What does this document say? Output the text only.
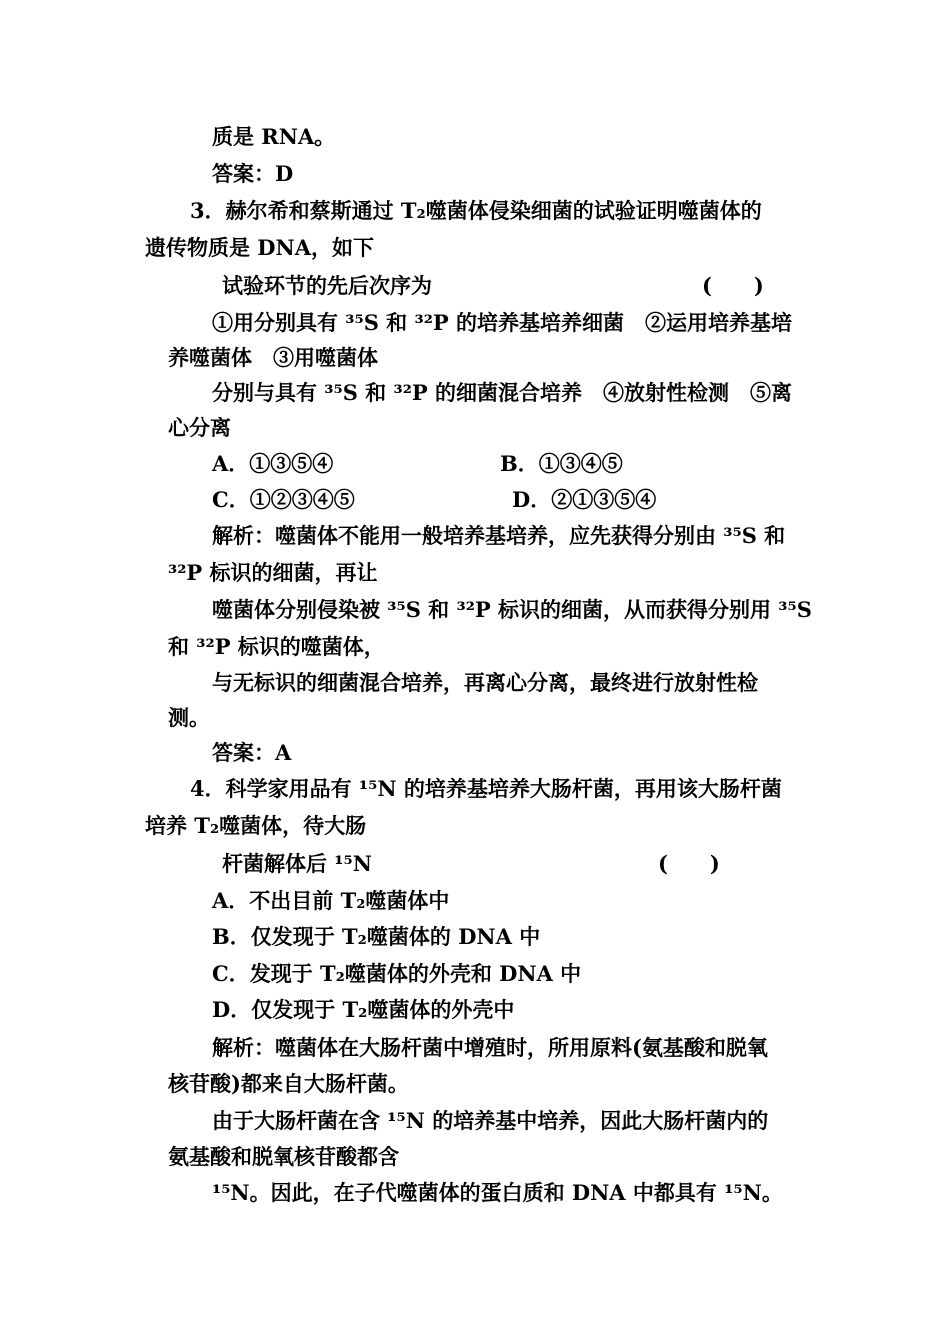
质是 RNA。
答案：D
3．赫尔希和蔡斯通过 T₂噬菌体侵染细菌的试验证明噬菌体的
遗传物质是 DNA，如下
试验环节的先后次序为	(　　)
①用分别具有 ³⁵S 和 ³²P 的培养基培养细菌　②运用培养基培
养噬菌体　③用噬菌体
分别与具有 ³⁵S 和 ³²P 的细菌混合培养　④放射性检测　⑤离
心分离
A．①③⑤④	B．①③④⑤
C．①②③④⑤	D．②①③⑤④
解析：噬菌体不能用一般培养基培养，应先获得分别由 ³⁵S 和
³²P 标识的细菌，再让
噬菌体分别侵染被 ³⁵S 和 ³²P 标识的细菌，从而获得分别用 ³⁵S
和 ³²P 标识的噬菌体，
与无标识的细菌混合培养，再离心分离，最终进行放射性检
测。
答案：A
4．科学家用品有 ¹⁵N 的培养基培养大肠杆菌，再用该大肠杆菌
培养 T₂噬菌体，待大肠
杆菌解体后 ¹⁵N	(　　)
A．不出目前 T₂噬菌体中
B．仅发现于 T₂噬菌体的 DNA 中
C．发现于 T₂噬菌体的外壳和 DNA 中
D．仅发现于 T₂噬菌体的外壳中
解析：噬菌体在大肠杆菌中增殖时，所用原料(氨基酸和脱氧
核苷酸)都来自大肠杆菌。
由于大肠杆菌在含 ¹⁵N 的培养基中培养，因此大肠杆菌内的
氨基酸和脱氧核苷酸都含
¹⁵N。因此，在子代噬菌体的蛋白质和 DNA 中都具有 ¹⁵N。
